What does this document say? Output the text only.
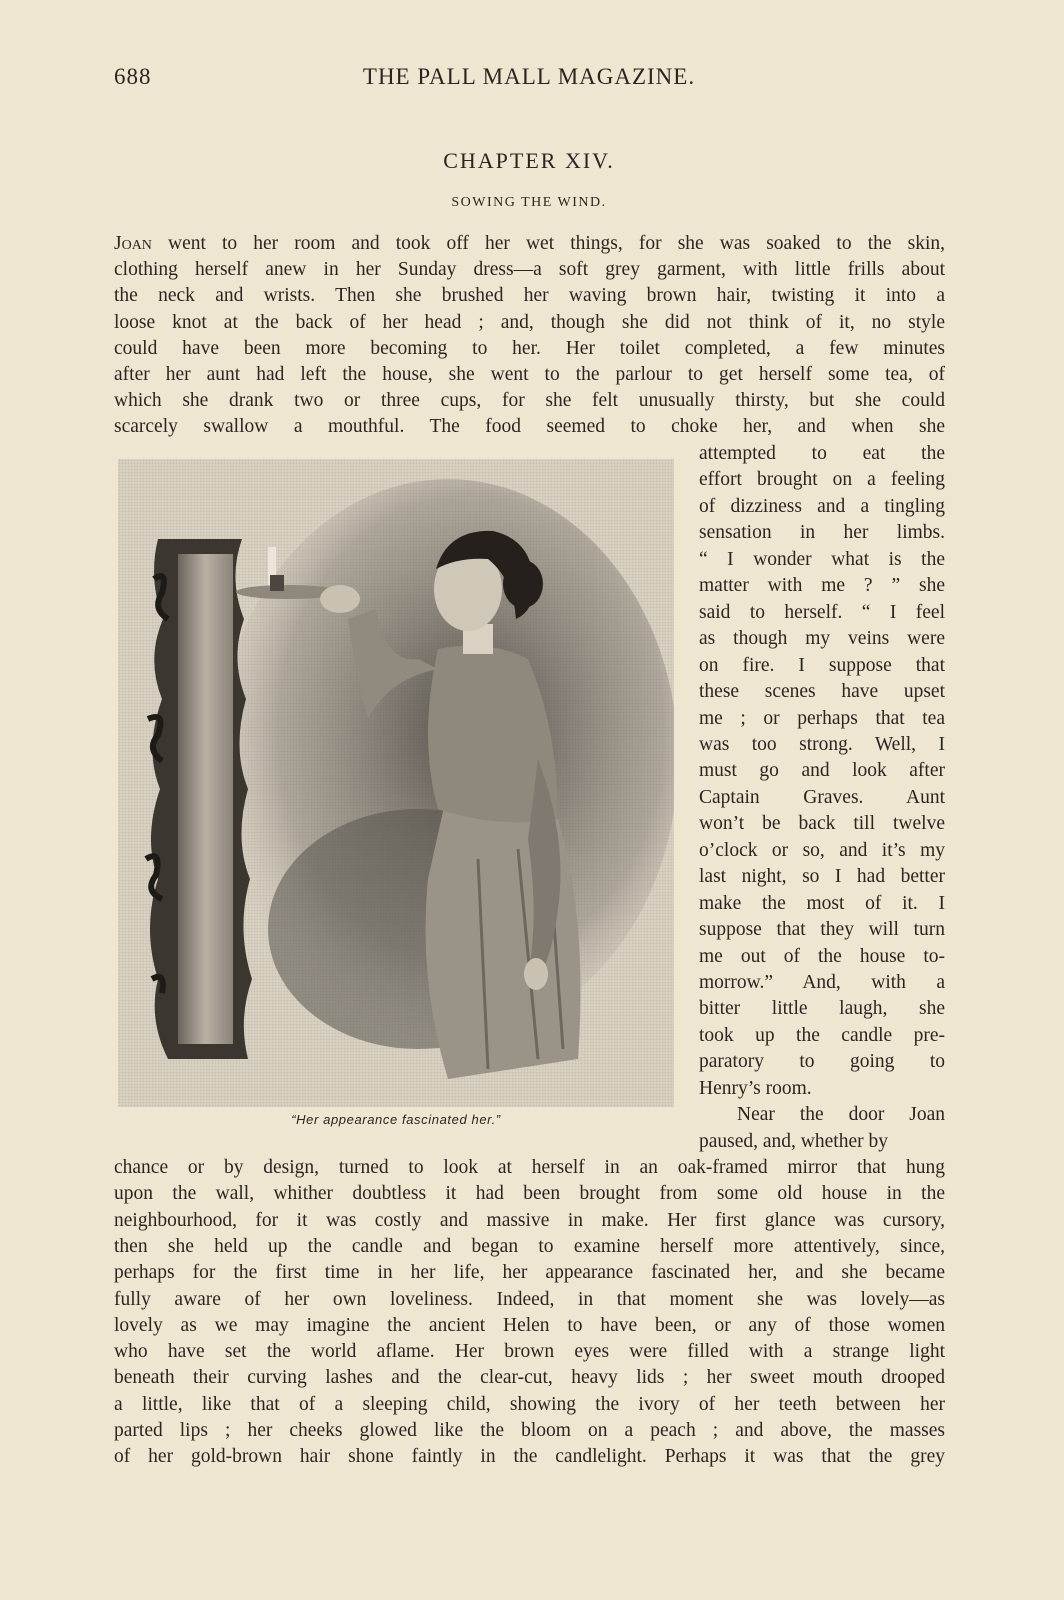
688	THE PALL MALL MAGAZINE.
CHAPTER XIV.
SOWING THE WIND.
Joan went to her room and took off her wet things, for she was soaked to the skin,
clothing herself anew in her Sunday dress—a soft grey garment, with little frills about
the neck and wrists. Then she brushed her waving brown hair, twisting it into a
loose knot at the back of her head ; and, though she did not think of it, no style
could have been more becoming to her. Her toilet completed, a few minutes
after her aunt had left the house, she went to the parlour to get herself some tea, of
which she drank two or three cups, for she felt unusually thirsty, but she could
scarcely swallow a mouthful. The food seemed to choke her, and when she
attempted to eat the
effort brought on a feeling
of dizziness and a tingling
sensation in her limbs.
“ I wonder what is the
matter with me ? ” she
said to herself. “ I feel
as though my veins were
on fire. I suppose that
these scenes have upset
me ; or perhaps that tea
was too strong. Well, I
must go and look after
Captain Graves. Aunt
won’t be back till twelve
o’clock or so, and it’s my
last night, so I had better
make the most of it. I
suppose that they will turn
me out of the house to-
morrow.” And, with a
bitter little laugh, she
took up the candle pre-
paratory to going to
Henry’s room.
Near the door Joan
paused, and, whether by
chance or by design, turned to look at herself in an oak-framed mirror that hung
upon the wall, whither doubtless it had been brought from some old house in the
neighbourhood, for it was costly and massive in make. Her first glance was cursory,
then she held up the candle and began to examine herself more attentively, since,
perhaps for the first time in her life, her appearance fascinated her, and she became
fully aware of her own loveliness. Indeed, in that moment she was lovely—as
lovely as we may imagine the ancient Helen to have been, or any of those women
who have set the world aflame. Her brown eyes were filled with a strange light
beneath their curving lashes and the clear-cut, heavy lids ; her sweet mouth drooped
a little, like that of a sleeping child, showing the ivory of her teeth between her
parted lips ; her cheeks glowed like the bloom on a peach ; and above, the masses
of her gold-brown hair shone faintly in the candlelight. Perhaps it was that the grey
“Her appearance fascinated her.”
